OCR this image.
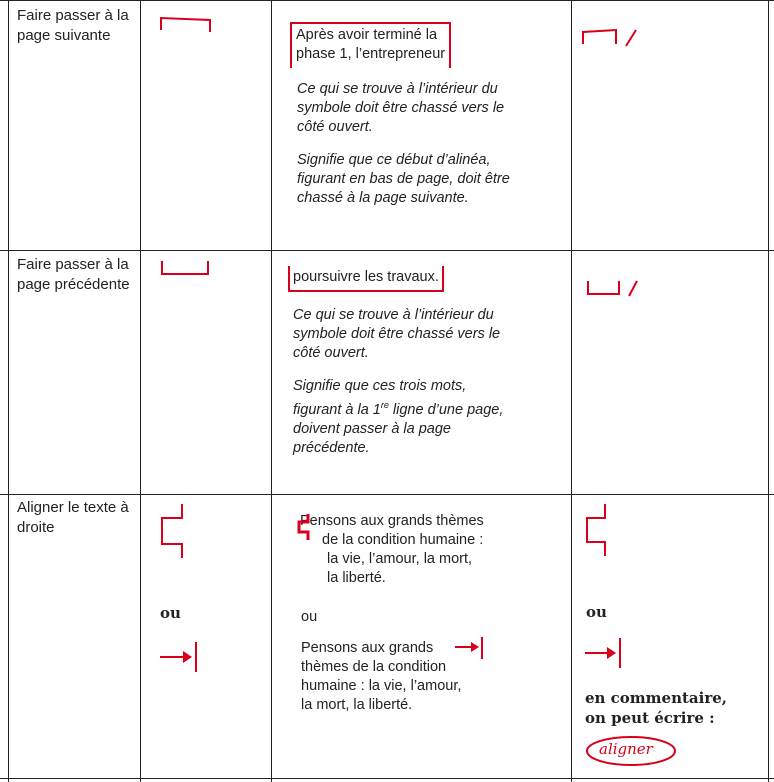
Faire passer à la page suivante	Après avoir terminé la
phase 1, l’entrepreneur
Ce qui se trouve à l’intérieur du symbole doit être chassé vers le côté ouvert.
Signifie que ce début d’alinéa, figurant en bas de page, doit être chassé à la page suivante.
Faire passer à la page précédente	poursuivre les travaux.
Ce qui se trouve à l’intérieur du symbole doit être chassé vers le côté ouvert.
Signifie que ces trois mots, figurant à la 1re ligne d’une page, doivent passer à la page précédente.
Aligner le texte à droite
ou
Pensons aux grands thèmes
de la condition humaine :
la vie, l’amour, la mort,
la liberté.
ou
Pensons aux grands
thèmes de la condition
humaine : la vie, l’amour,
la mort, la liberté.
ou
en commentaire,
on peut écrire :
aligner
